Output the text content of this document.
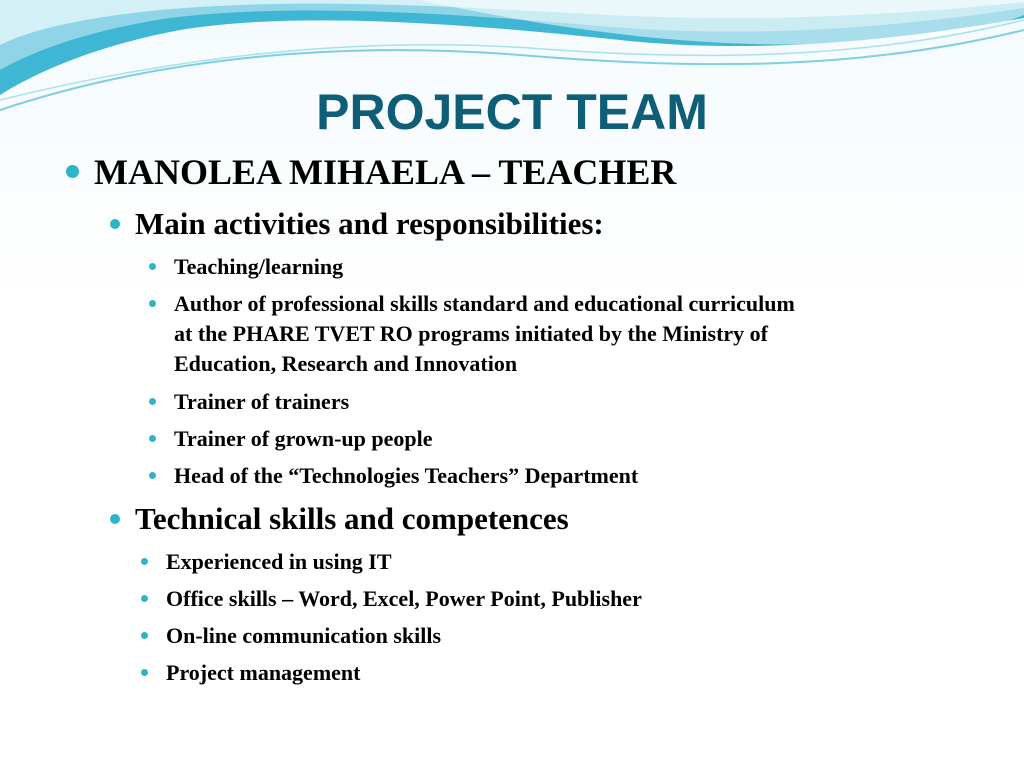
PROJECT TEAM
MANOLEA MIHAELA – TEACHER
Main activities and responsibilities:
Teaching/learning
Author of professional skills standard and educational curriculum
at the PHARE TVET RO programs initiated by the Ministry of
Education, Research and Innovation
Trainer of trainers
Trainer of grown-up people
Head of the “Technologies Teachers” Department
Technical skills and competences
Experienced in using IT
Office skills – Word, Excel, Power Point, Publisher
On-line communication skills
Project management
